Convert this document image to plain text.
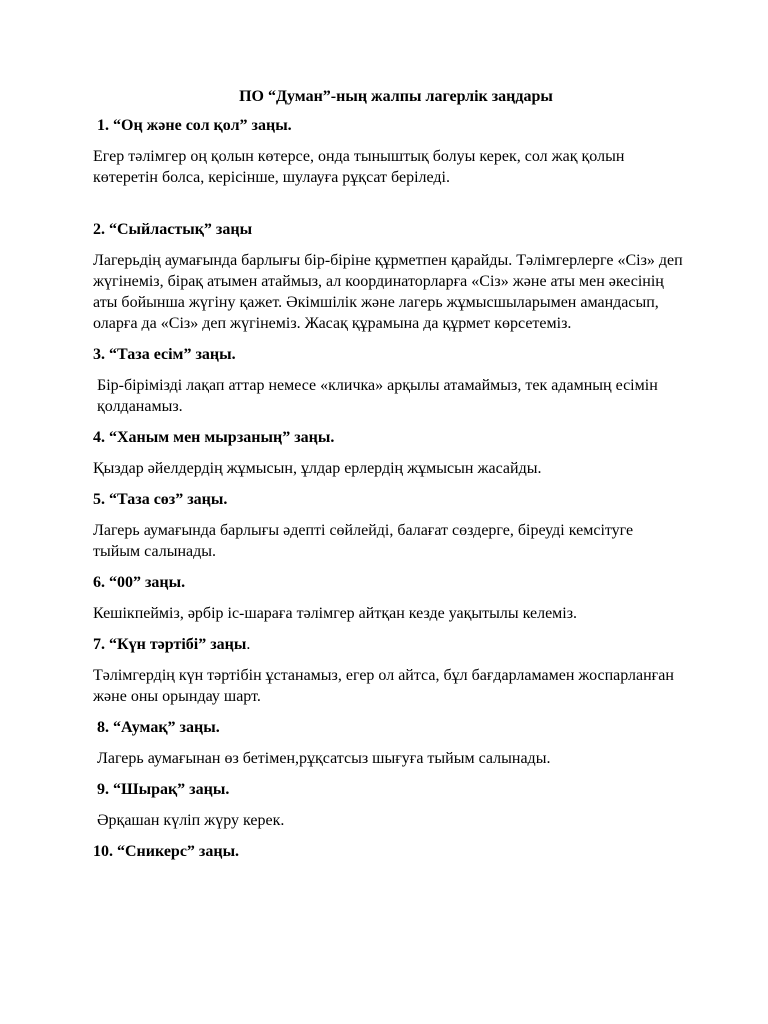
ПО “Думан”-ның жалпы лагерлік заңдары

1. “Оң және сол қол” заңы.

Егер тәлімгер оң қолын көтерсе, онда тыныштық болуы керек, сол жақ қолын көтеретін болса, керісінше, шулауға рұқсат беріледі.

2. “Сыйластық” заңы

Лагерьдің аумағында барлығы бір-біріне құрметпен қарайды. Тәлімгерлерге «Сіз» деп жүгінеміз, бірақ атымен атаймыз, ал координаторларға «Сіз» және аты мен әкесінің аты бойынша жүгіну қажет. Әкімшілік және лагерь жұмысшыларымен амандасып, оларға да «Сіз» деп жүгінеміз. Жасақ құрамына да құрмет көрсетеміз.

3. “Таза есім” заңы.

Бір-бірімізді лақап аттар немесе «кличка» арқылы атамаймыз, тек адамның есімін қолданамыз.

4. “Ханым мен мырзаның” заңы.

Қыздар әйелдердің жұмысын, ұлдар ерлердің жұмысын жасайды.

5. “Таза сөз” заңы.

Лагерь аумағында барлығы әдепті сөйлейді, балағат сөздерге, біреуді кемсітуге тыйым салынады.

6. “00” заңы.

Кешікпейміз, әрбір іс-шараға тәлімгер айтқан кезде уақытылы келеміз.

7. “Күн тәртібі” заңы.

Тәлімгердің күн тәртібін ұстанамыз, егер ол айтса, бұл бағдарламамен жоспарланған және оны орындау шарт.

8. “Аумақ” заңы.

Лагерь аумағынан өз бетімен,рұқсатсыз шығуға тыйым салынады.

9. “Шырақ” заңы.

Әрқашан күліп жүру керек.

10. “Сникерс” заңы.
